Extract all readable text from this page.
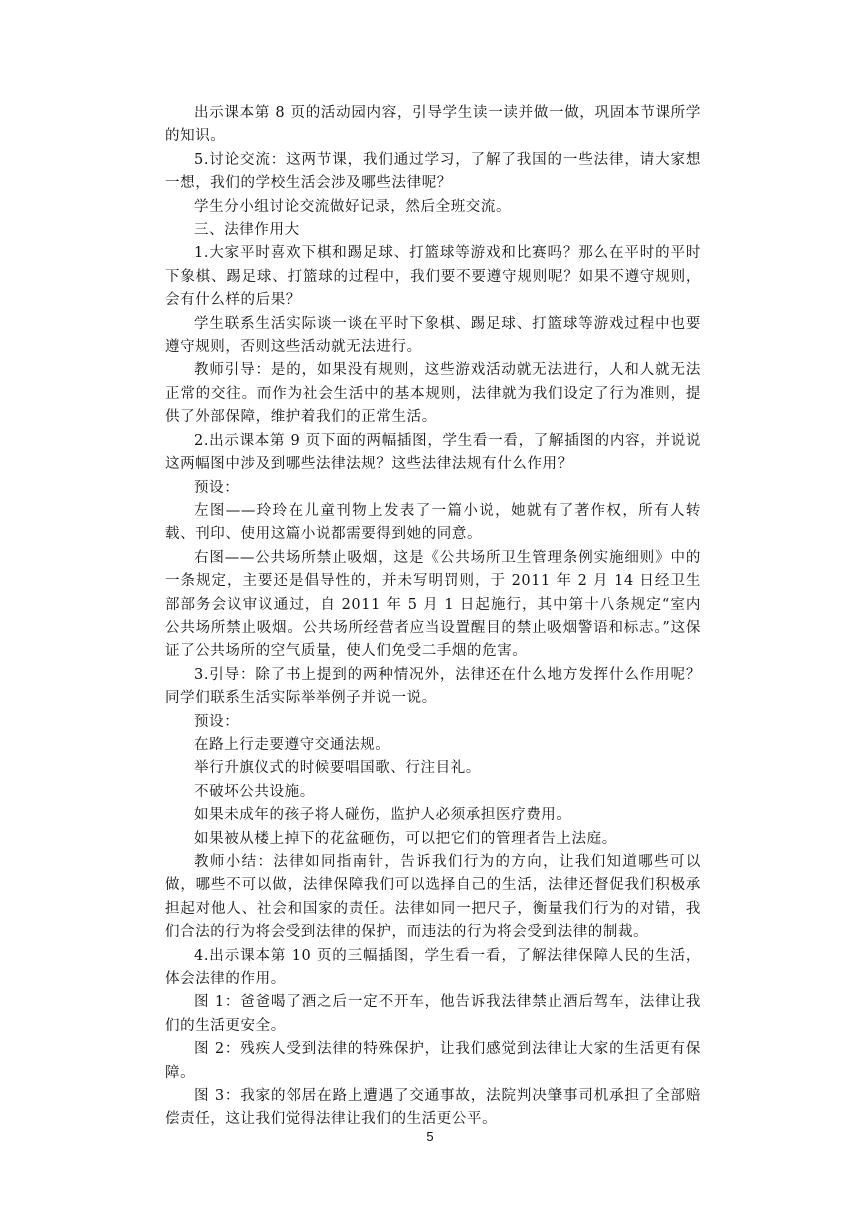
出示课本第 8 页的活动园内容，引导学生读一读并做一做，巩固本节课所学的知识。

5.讨论交流：这两节课，我们通过学习，了解了我国的一些法律，请大家想一想，我们的学校生活会涉及哪些法律呢？

学生分小组讨论交流做好记录，然后全班交流。

三、法律作用大

1.大家平时喜欢下棋和踢足球、打篮球等游戏和比赛吗？那么在平时的平时下象棋、踢足球、打篮球的过程中，我们要不要遵守规则呢？如果不遵守规则，会有什么样的后果？

学生联系生活实际谈一谈在平时下象棋、踢足球、打篮球等游戏过程中也要遵守规则，否则这些活动就无法进行。

教师引导：是的，如果没有规则，这些游戏活动就无法进行，人和人就无法正常的交往。而作为社会生活中的基本规则，法律就为我们设定了行为准则，提供了外部保障，维护着我们的正常生活。

2.出示课本第 9 页下面的两幅插图，学生看一看，了解插图的内容，并说说这两幅图中涉及到哪些法律法规？这些法律法规有什么作用？

预设：

左图——玲玲在儿童刊物上发表了一篇小说，她就有了著作权，所有人转载、刊印、使用这篇小说都需要得到她的同意。

右图——公共场所禁止吸烟，这是《公共场所卫生管理条例实施细则》中的一条规定，主要还是倡导性的，并未写明罚则，于 2011 年 2 月 14 日经卫生部部务会议审议通过，自 2011 年 5 月 1 日起施行，其中第十八条规定“室内公共场所禁止吸烟。公共场所经营者应当设置醒目的禁止吸烟警语和标志。”这保证了公共场所的空气质量，使人们免受二手烟的危害。

3.引导：除了书上提到的两种情况外，法律还在什么地方发挥什么作用呢？同学们联系生活实际举举例子并说一说。

预设：

在路上行走要遵守交通法规。

举行升旗仪式的时候要唱国歌、行注目礼。

不破坏公共设施。

如果未成年的孩子将人碰伤，监护人必须承担医疗费用。

如果被从楼上掉下的花盆砸伤，可以把它们的管理者告上法庭。

教师小结：法律如同指南针，告诉我们行为的方向，让我们知道哪些可以做，哪些不可以做，法律保障我们可以选择自己的生活，法律还督促我们积极承担起对他人、社会和国家的责任。法律如同一把尺子，衡量我们行为的对错，我们合法的行为将会受到法律的保护，而违法的行为将会受到法律的制裁。

4.出示课本第 10 页的三幅插图，学生看一看，了解法律保障人民的生活，体会法律的作用。

图 1：爸爸喝了酒之后一定不开车，他告诉我法律禁止酒后驾车，法律让我们的生活更安全。

图 2：残疾人受到法律的特殊保护，让我们感觉到法律让大家的生活更有保障。

图 3：我家的邻居在路上遭遇了交通事故，法院判决肇事司机承担了全部赔偿责任，这让我们觉得法律让我们的生活更公平。

5
